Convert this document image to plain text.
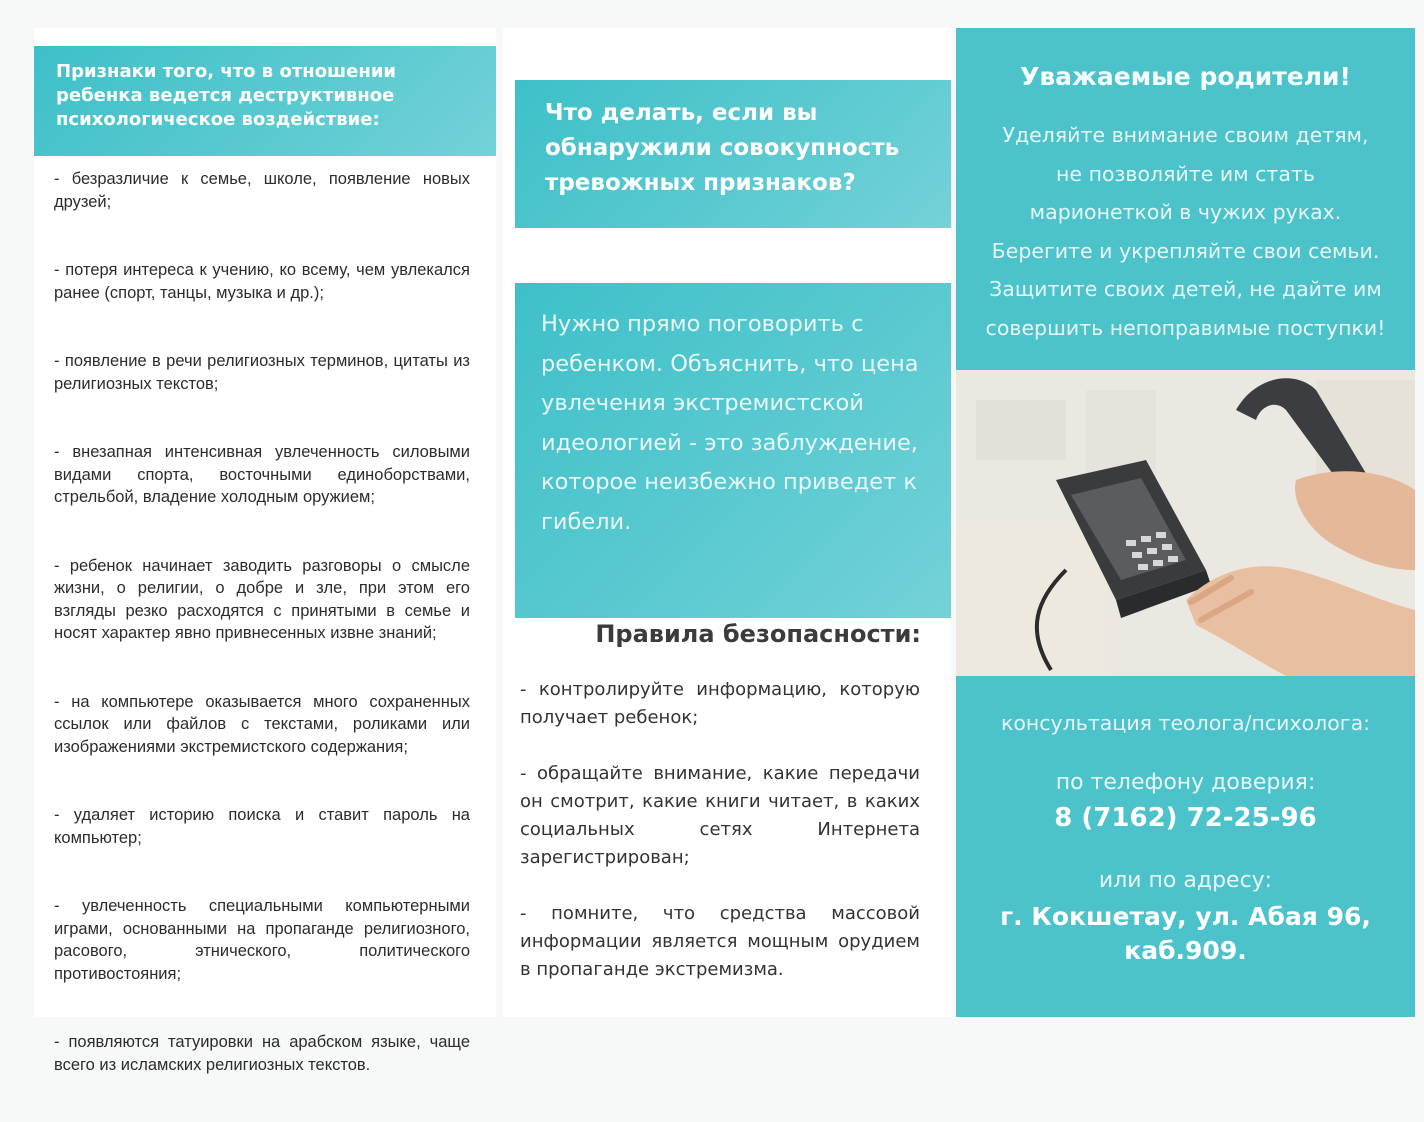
Признаки того, что в отношении ребенка ведется деструктивное психологическое воздействие:
- безразличие к семье, школе, появление новых друзей;
- потеря интереса к учению, ко всему, чем увлекался ранее (спорт, танцы, музыка и др.);
- появление в речи религиозных терминов, цитаты из религиозных текстов;
- внезапная интенсивная увлеченность силовыми видами спорта, восточными единоборствами, стрельбой, владение холодным оружием;
- ребенок начинает заводить разговоры о смысле жизни, о религии, о добре и зле, при этом его взгляды резко расходятся с принятыми в семье и носят характер явно привнесенных извне знаний;
- на компьютере оказывается много сохраненных ссылок или файлов с текстами, роликами или изображениями экстремистского содержания;
- удаляет историю поиска и ставит пароль на компьютер;
- увлеченность специальными компьютерными играми, основанными на пропаганде религиозного, расового, этнического, политического противостояния;
- появляются татуировки на арабском языке, чаще всего из исламских религиозных текстов.
Что делать, если вы обнаружили совокупность тревожных признаков?
Нужно прямо поговорить с ребенком. Объяснить, что цена увлечения экстремистской идеологией - это заблуждение, которое неизбежно приведет к гибели.
Правила безопасности:
- контролируйте информацию, которую получает ребенок;
- обращайте внимание, какие передачи он смотрит, какие книги читает, в каких социальных сетях Интернета зарегистрирован;
- помните, что средства массовой информации является мощным орудием в пропаганде экстремизма.
Уважаемые родители!
Уделяйте внимание своим детям,
не позволяйте им стать
марионеткой в чужих руках.
Берегите и укрепляйте свои семьи.
Защитите своих детей, не дайте им
совершить непоправимые поступки!
консультация теолога/психолога:
по телефону доверия:
8 (7162) 72-25-96
или по адресу:
г. Кокшетау, ул. Абая 96,
каб.909.
